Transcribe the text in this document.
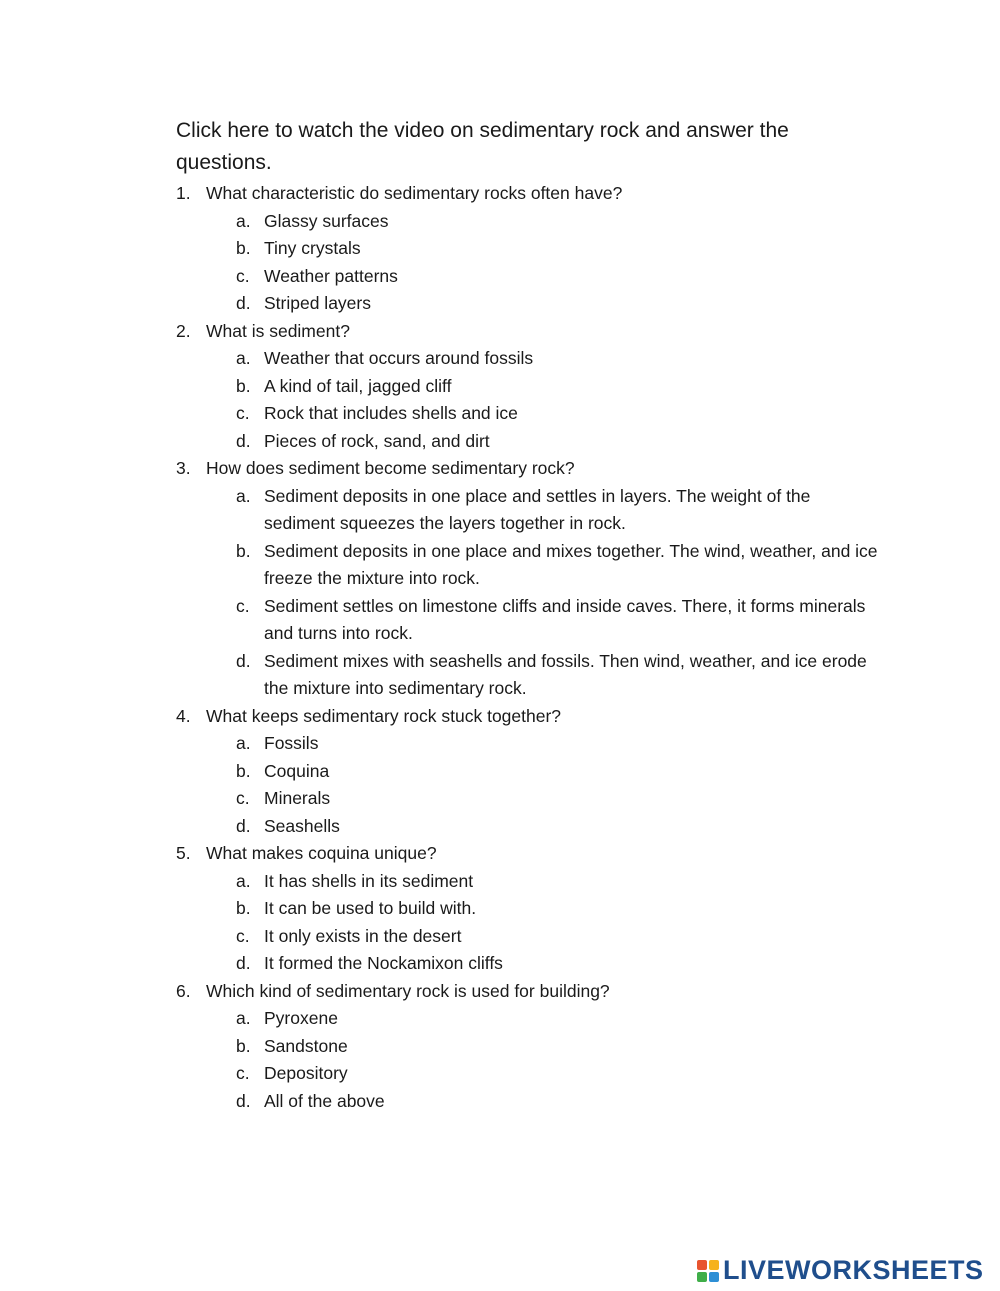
Click here to watch the video on sedimentary rock and answer the questions.
1. What characteristic do sedimentary rocks often have?
a. Glassy surfaces
b. Tiny crystals
c. Weather patterns
d. Striped layers
2. What is sediment?
a. Weather that occurs around fossils
b. A kind of tail, jagged cliff
c. Rock that includes shells and ice
d. Pieces of rock, sand, and dirt
3. How does sediment become sedimentary rock?
a. Sediment deposits in one place and settles in layers. The weight of the sediment squeezes the layers together in rock.
b. Sediment deposits in one place and mixes together. The wind, weather, and ice freeze the mixture into rock.
c. Sediment settles on limestone cliffs and inside caves. There, it forms minerals and turns into rock.
d. Sediment mixes with seashells and fossils. Then wind, weather, and ice erode the mixture into sedimentary rock.
4. What keeps sedimentary rock stuck together?
a. Fossils
b. Coquina
c. Minerals
d. Seashells
5. What makes coquina unique?
a. It has shells in its sediment
b. It can be used to build with.
c. It only exists in the desert
d. It formed the Nockamixon cliffs
6. Which kind of sedimentary rock is used for building?
a. Pyroxene
b. Sandstone
c. Depository
d. All of the above
LIVEWORKSHEETS
